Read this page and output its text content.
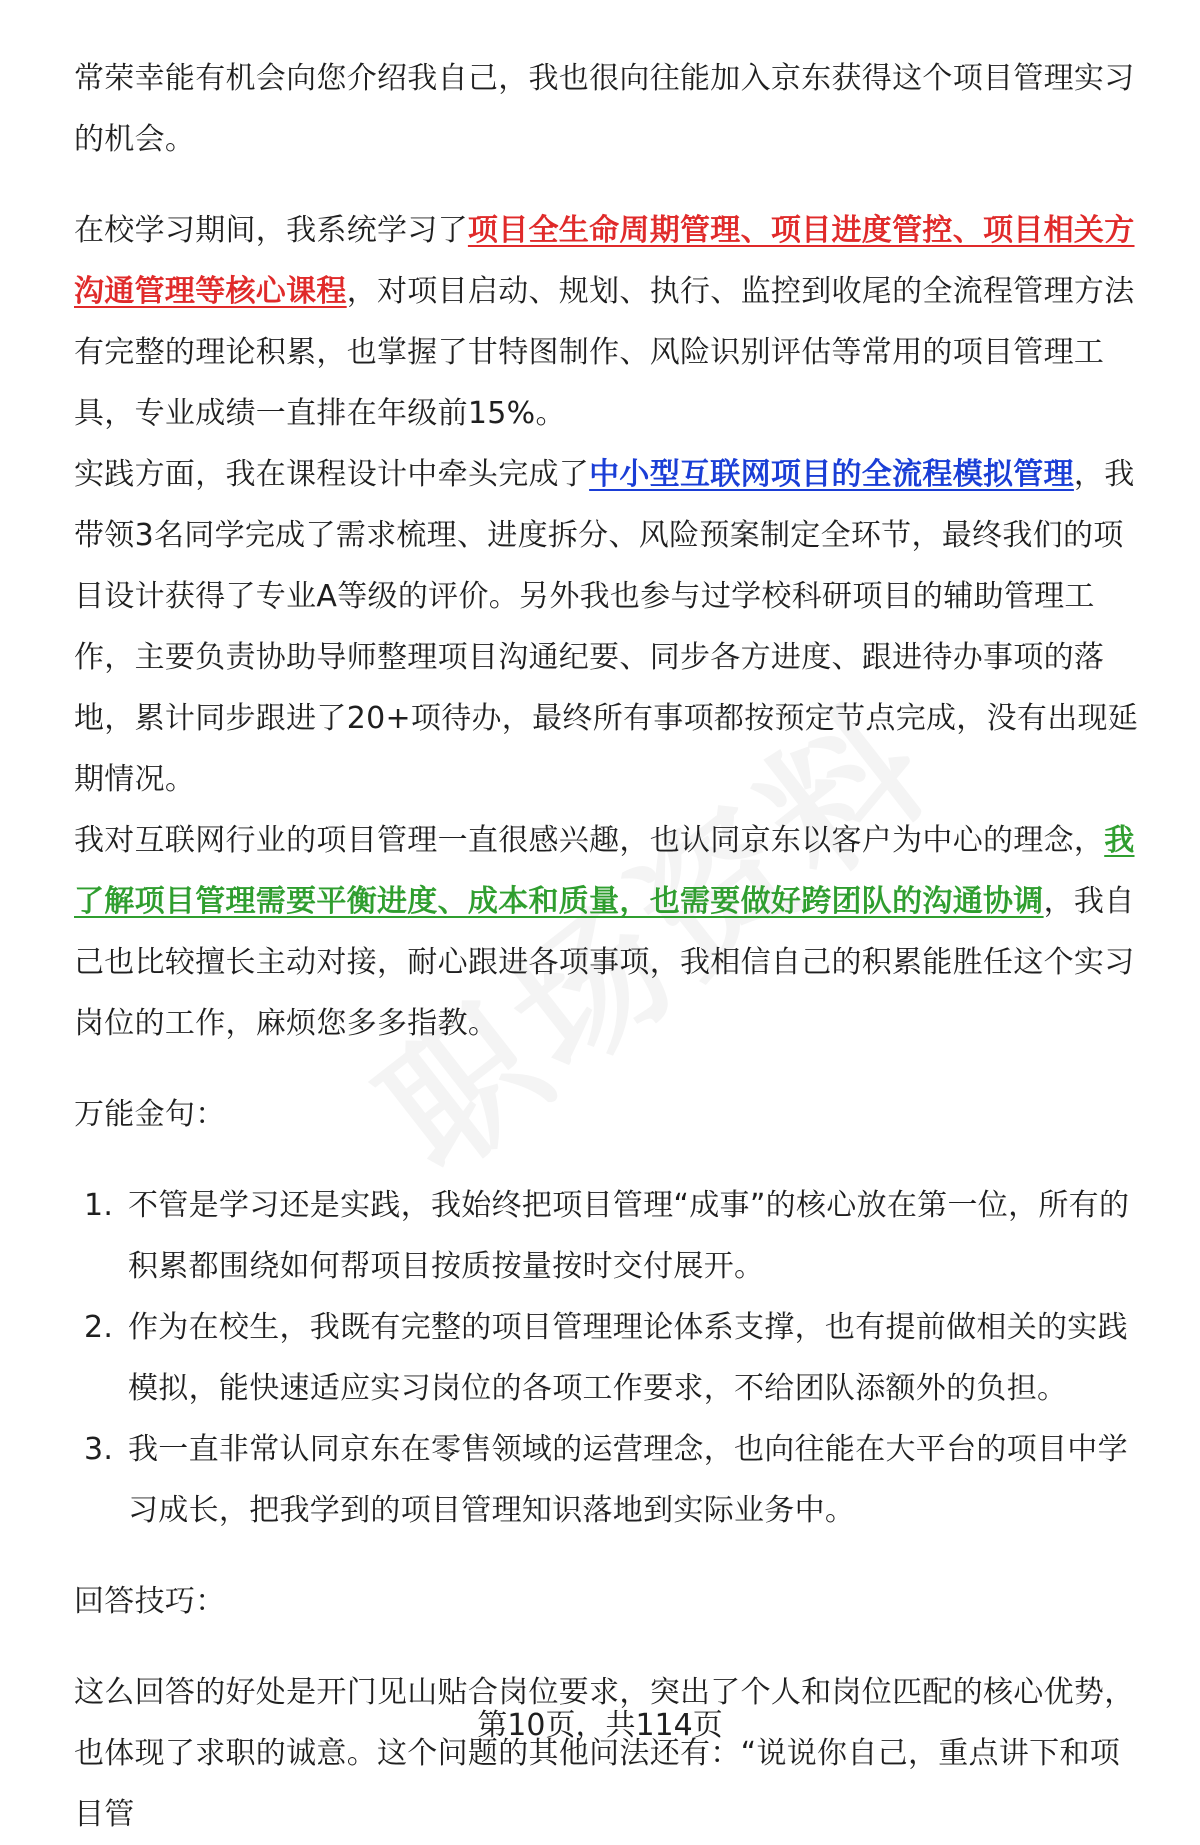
常荣幸能有机会向您介绍我自己，我也很向往能加入京东获得这个项目管理实习的机会。

在校学习期间，我系统学习了项目全生命周期管理、项目进度管控、项目相关方沟通管理等核心课程，对项目启动、规划、执行、监控到收尾的全流程管理方法有完整的理论积累，也掌握了甘特图制作、风险识别评估等常用的项目管理工具，专业成绩一直排在年级前15%。

实践方面，我在课程设计中牵头完成了中小型互联网项目的全流程模拟管理，我带领3名同学完成了需求梳理、进度拆分、风险预案制定全环节，最终我们的项目设计获得了专业A等级的评价。另外我也参与过学校科研项目的辅助管理工作，主要负责协助导师整理项目沟通纪要、同步各方进度、跟进待办事项的落地，累计同步跟进了20+项待办，最终所有事项都按预定节点完成，没有出现延期情况。

我对互联网行业的项目管理一直很感兴趣，也认同京东以客户为中心的理念，我了解项目管理需要平衡进度、成本和质量，也需要做好跨团队的沟通协调，我自己也比较擅长主动对接，耐心跟进各项事项，我相信自己的积累能胜任这个实习岗位的工作，麻烦您多多指教。

万能金句：

1. 不管是学习还是实践，我始终把项目管理“成事”的核心放在第一位，所有的积累都围绕如何帮项目按质按量按时交付展开。
2. 作为在校生，我既有完整的项目管理理论体系支撑，也有提前做相关的实践模拟，能快速适应实习岗位的各项工作要求，不给团队添额外的负担。
3. 我一直非常认同京东在零售领域的运营理念，也向往能在大平台的项目中学习成长，把我学到的项目管理知识落地到实际业务中。

回答技巧：

这么回答的好处是开门见山贴合岗位要求，突出了个人和岗位匹配的核心优势，也体现了求职的诚意。这个问题的其他问法还有：“说说你自己，重点讲下和项目管

第10页，共114页
